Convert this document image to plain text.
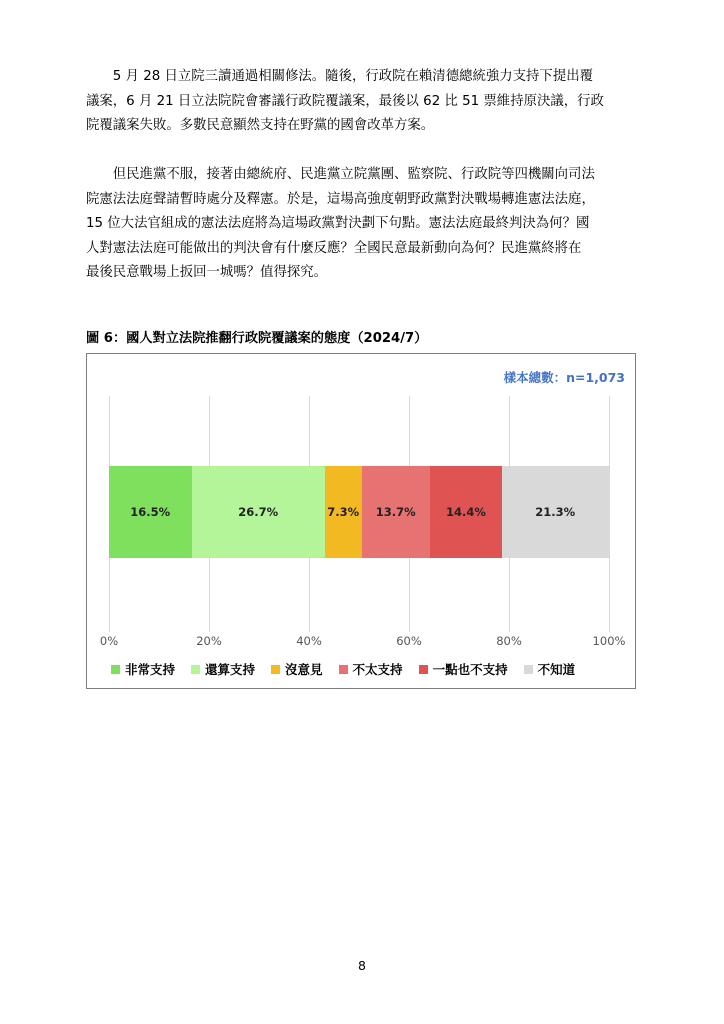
　　5 月 28 日立院三讀通過相關修法。隨後，行政院在賴清德總統強力支持下提出覆
議案，6 月 21 日立法院院會審議行政院覆議案，最後以 62 比 51 票維持原決議，行政
院覆議案失敗。多數民意顯然支持在野黨的國會改革方案。
　　但民進黨不服，接著由總統府、民進黨立院黨團、監察院、行政院等四機關向司法
院憲法法庭聲請暫時處分及釋憲。於是，這場高強度朝野政黨對決戰場轉進憲法法庭，
15 位大法官組成的憲法法庭將為這場政黨對決劃下句點。憲法法庭最終判決為何？國
人對憲法法庭可能做出的判決會有什麼反應？全國民意最新動向為何？民進黨終將在
最後民意戰場上扳回一城嗎？值得探究。
圖 6：國人對立法院推翻行政院覆議案的態度（2024/7）
樣本總數：n=1,073
非常支持 還算支持 沒意見 不太支持 一點也不支持 不知道
0%	20%	40%	60%	80%	100%
16.5%	26.7%	7.3% 13.7%	14.4%	21.3%
8
